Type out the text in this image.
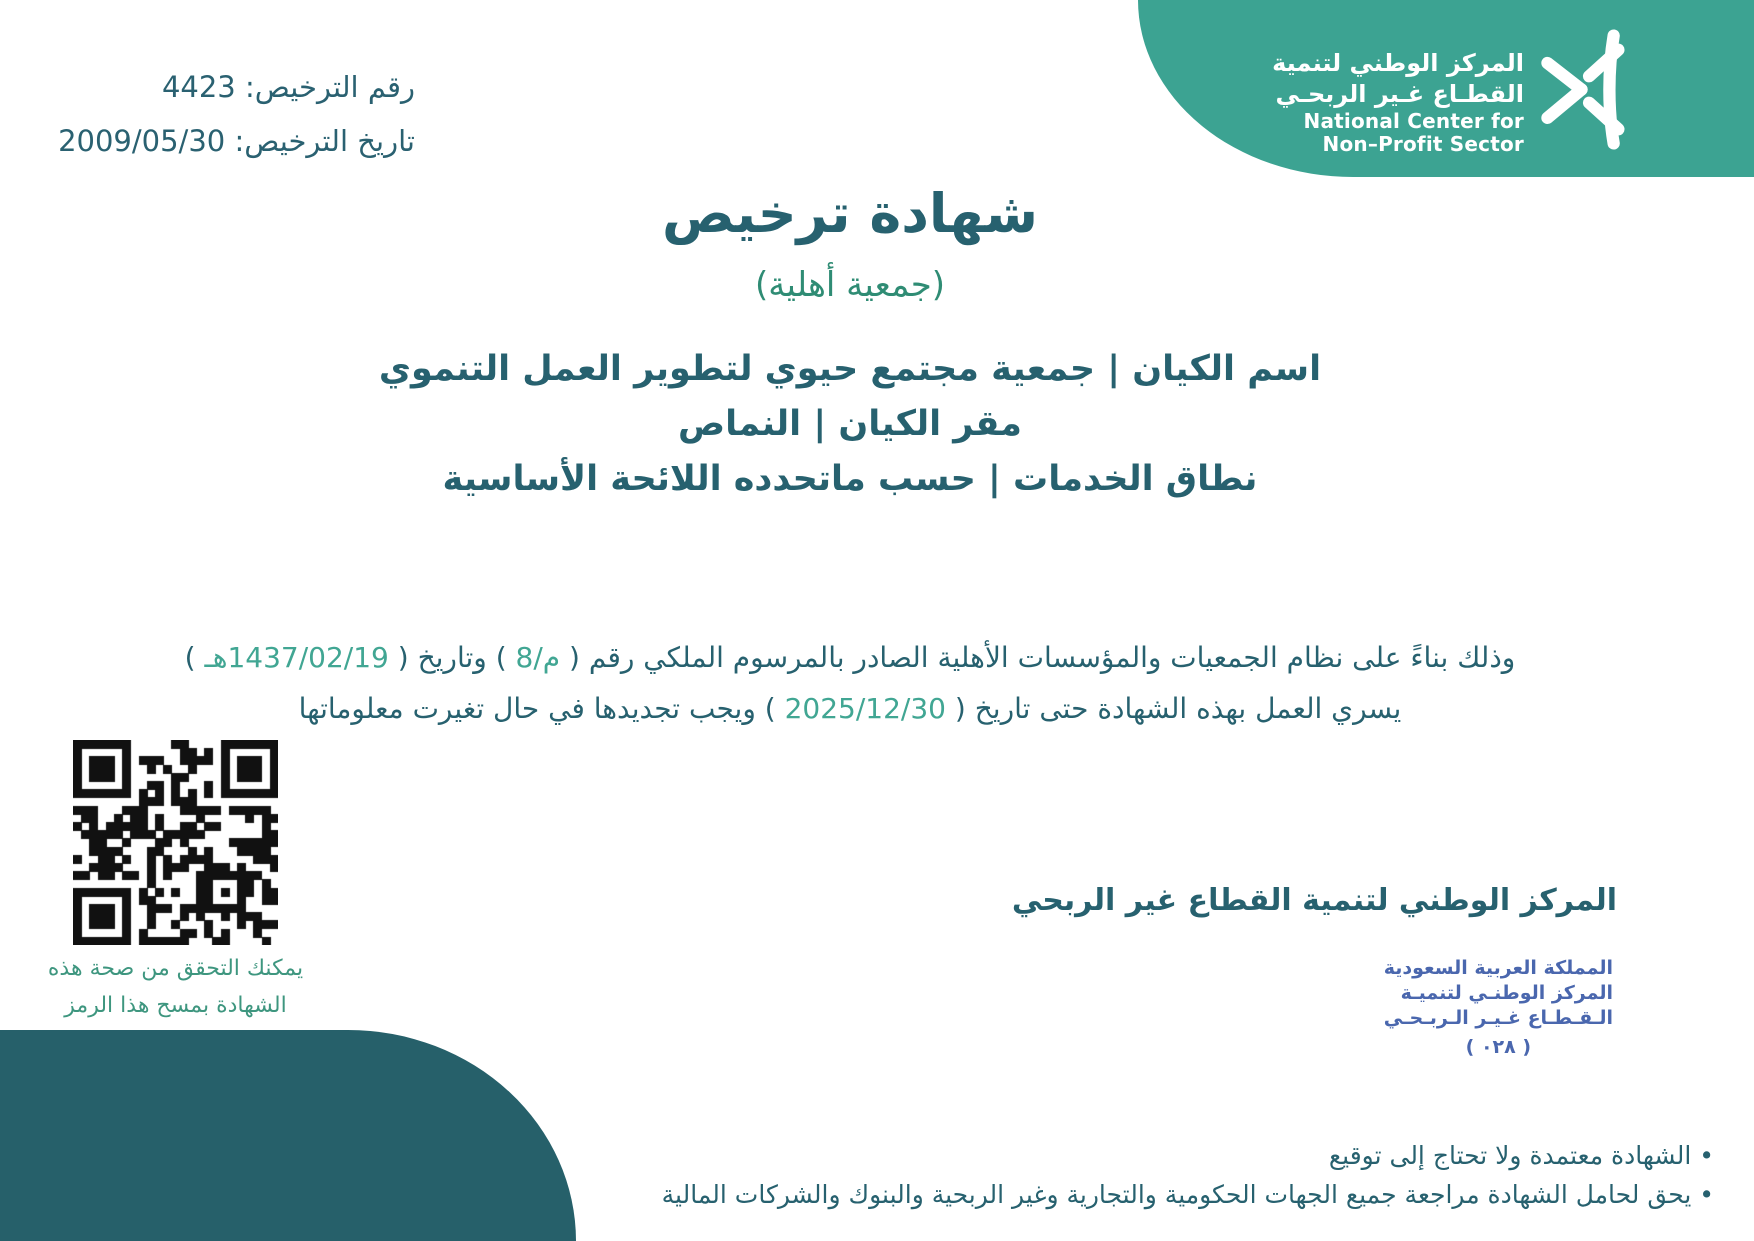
المركز الوطني لتنمية
القطـاع غـير الربحـي
National Center for
Non–Profit Sector
رقم الترخيص: 4423
تاريخ الترخيص: 2009/05/30
شهادة ترخيص
(جمعية أهلية)
اسم الكيان | جمعية مجتمع حيوي لتطوير العمل التنموي
مقر الكيان | النماص
نطاق الخدمات | حسب ماتحدده اللائحة الأساسية
وذلك بناءً على نظام الجمعيات والمؤسسات الأهلية الصادر بالمرسوم الملكي رقم ( م/8 ) وتاريخ ( 1437/02/19هـ )
يسري العمل بهذه الشهادة حتى تاريخ ( 2025/12/30 ) ويجب تجديدها في حال تغيرت معلوماتها
يمكنك التحقق من صحة هذه
الشهادة بمسح هذا الرمز
المركز الوطني لتنمية القطاع غير الربحي
المملكة العربية السعودية
المركز الوطنـي لتنميـة
الـقـطـاع غـيـر الـربـحـي
( ٠٢٨ )
• الشهادة معتمدة ولا تحتاج إلى توقيع
• يحق لحامل الشهادة مراجعة جميع الجهات الحكومية والتجارية وغير الربحية والبنوك والشركات المالية
